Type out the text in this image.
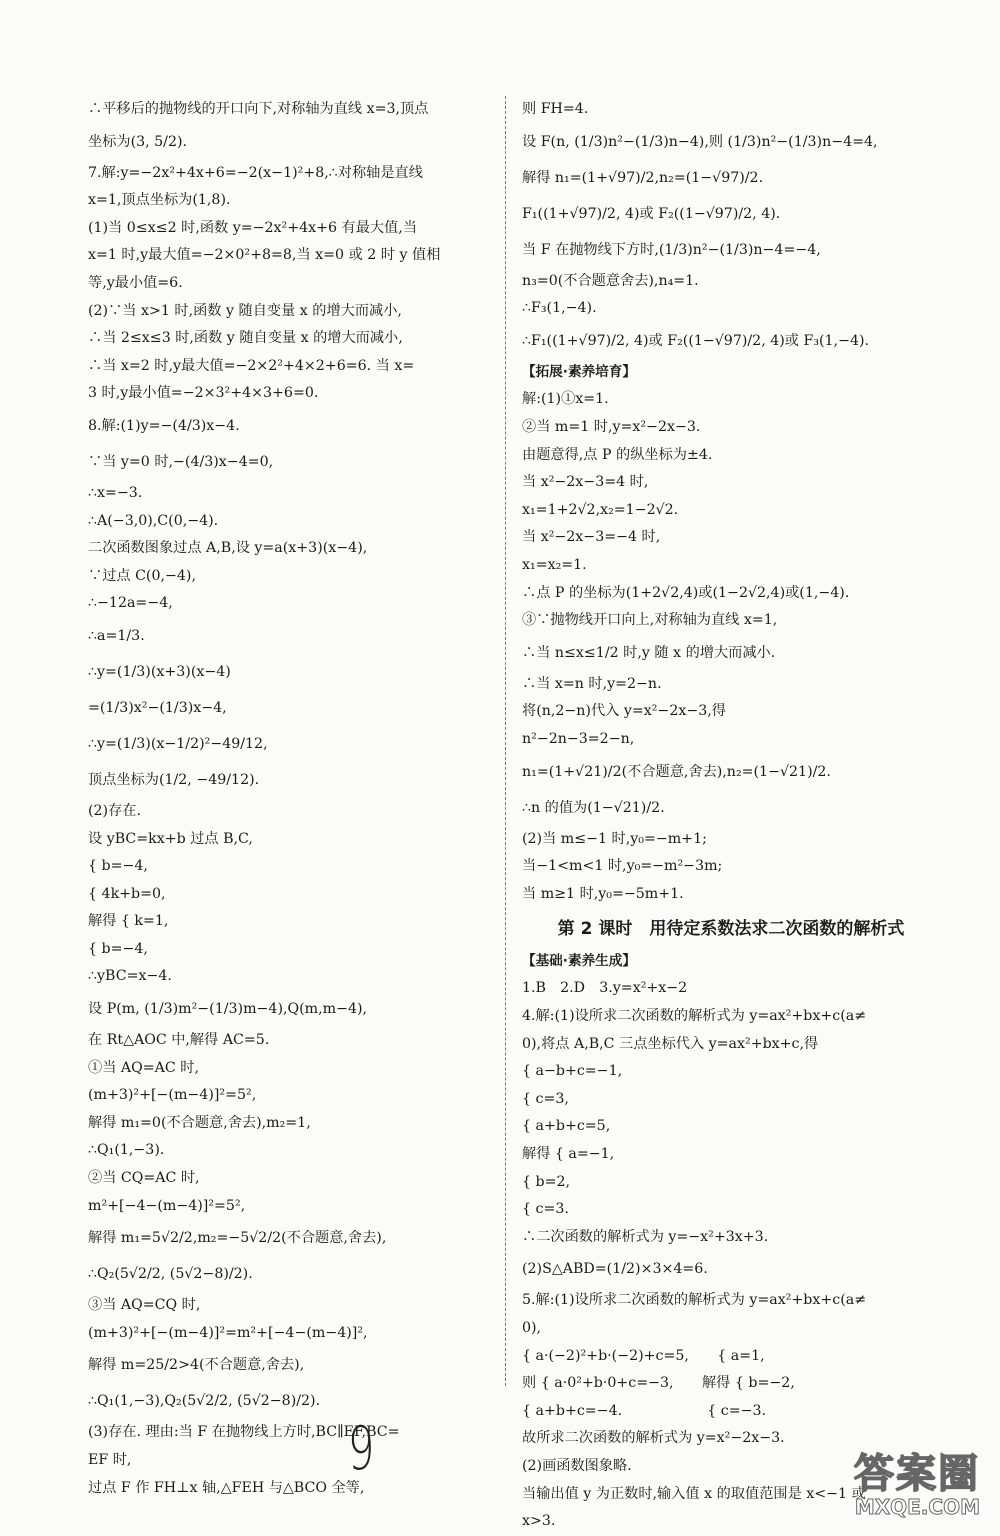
∴平移后的抛物线的开口向下,对称轴为直线 x=3,顶点
坐标为(3, 5/2).
7.解:y=−2x²+4x+6=−2(x−1)²+8,∴对称轴是直线
x=1,顶点坐标为(1,8).
(1)当 0≤x≤2 时,函数 y=−2x²+4x+6 有最大值,当
x=1 时,y最大值=−2×0²+8=8,当 x=0 或 2 时 y 值相
等,y最小值=6.
(2)∵当 x>1 时,函数 y 随自变量 x 的增大而减小,
∴当 2≤x≤3 时,函数 y 随自变量 x 的增大而减小,
∴当 x=2 时,y最大值=−2×2²+4×2+6=6. 当 x=
3 时,y最小值=−2×3²+4×3+6=0.
8.解:(1)y=−(4/3)x−4.
∵当 y=0 时,−(4/3)x−4=0,
∴x=−3.
∴A(−3,0),C(0,−4).
二次函数图象过点 A,B,设 y=a(x+3)(x−4),
∵过点 C(0,−4),
∴−12a=−4,
∴a=1/3.
∴y=(1/3)(x+3)(x−4)
=(1/3)x²−(1/3)x−4,
∴y=(1/3)(x−1/2)²−49/12,
顶点坐标为(1/2, −49/12).
(2)存在.
设 yBC=kx+b 过点 B,C,
{ b=−4,
{ 4k+b=0,
解得 { k=1,
{ b=−4,
∴yBC=x−4.
设 P(m, (1/3)m²−(1/3)m−4),Q(m,m−4),
在 Rt△AOC 中,解得 AC=5.
①当 AQ=AC 时,
(m+3)²+[−(m−4)]²=5²,
解得 m₁=0(不合题意,舍去),m₂=1,
∴Q₁(1,−3).
②当 CQ=AC 时,
m²+[−4−(m−4)]²=5²,
解得 m₁=5√2/2,m₂=−5√2/2(不合题意,舍去),
∴Q₂(5√2/2, (5√2−8)/2).
③当 AQ=CQ 时,
(m+3)²+[−(m−4)]²=m²+[−4−(m−4)]²,
解得 m=25/2>4(不合题意,舍去),
∴Q₁(1,−3),Q₂(5√2/2, (5√2−8)/2).
(3)存在. 理由:当 F 在抛物线上方时,BC∥EF,BC=
EF 时,
过点 F 作 FH⊥x 轴,△FEH 与△BCO 全等,
则 FH=4.
设 F(n, (1/3)n²−(1/3)n−4),则 (1/3)n²−(1/3)n−4=4,
解得 n₁=(1+√97)/2,n₂=(1−√97)/2.
F₁((1+√97)/2, 4)或 F₂((1−√97)/2, 4).
当 F 在抛物线下方时,(1/3)n²−(1/3)n−4=−4,
n₃=0(不合题意舍去),n₄=1.
∴F₃(1,−4).
∴F₁((1+√97)/2, 4)或 F₂((1−√97)/2, 4)或 F₃(1,−4).
【拓展·素养培育】
解:(1)①x=1.
②当 m=1 时,y=x²−2x−3.
由题意得,点 P 的纵坐标为±4.
当 x²−2x−3=4 时,
x₁=1+2√2,x₂=1−2√2.
当 x²−2x−3=−4 时,
x₁=x₂=1.
∴点 P 的坐标为(1+2√2,4)或(1−2√2,4)或(1,−4).
③∵抛物线开口向上,对称轴为直线 x=1,
∴当 n≤x≤1/2 时,y 随 x 的增大而减小.
∴当 x=n 时,y=2−n.
将(n,2−n)代入 y=x²−2x−3,得
n²−2n−3=2−n,
n₁=(1+√21)/2(不合题意,舍去),n₂=(1−√21)/2.
∴n 的值为(1−√21)/2.
(2)当 m≤−1 时,y₀=−m+1;
当−1<m<1 时,y₀=−m²−3m;
当 m≥1 时,y₀=−5m+1.
第 2 课时　用待定系数法求二次函数的解析式
【基础·素养生成】
1.B　2.D　3.y=x²+x−2
4.解:(1)设所求二次函数的解析式为 y=ax²+bx+c(a≠
0),将点 A,B,C 三点坐标代入 y=ax²+bx+c,得
{ a−b+c=−1,
{ c=3,
{ a+b+c=5,
解得 { a=−1,
{ b=2,
{ c=3.
∴二次函数的解析式为 y=−x²+3x+3.
(2)S△ABD=(1/2)×3×4=6.
5.解:(1)设所求二次函数的解析式为 y=ax²+bx+c(a≠
0),
{ a·(−2)²+b·(−2)+c=5,　　{ a=1,
则 { a·0²+b·0+c=−3,　　解得 { b=−2,
{ a+b+c=−4.　　　　　　{ c=−3.
故所求二次函数的解析式为 y=x²−2x−3.
(2)画函数图象略.
当输出值 y 为正数时,输入值 x 的取值范围是 x<−1 或
x>3.
9	答案圈
MXQE.COM
